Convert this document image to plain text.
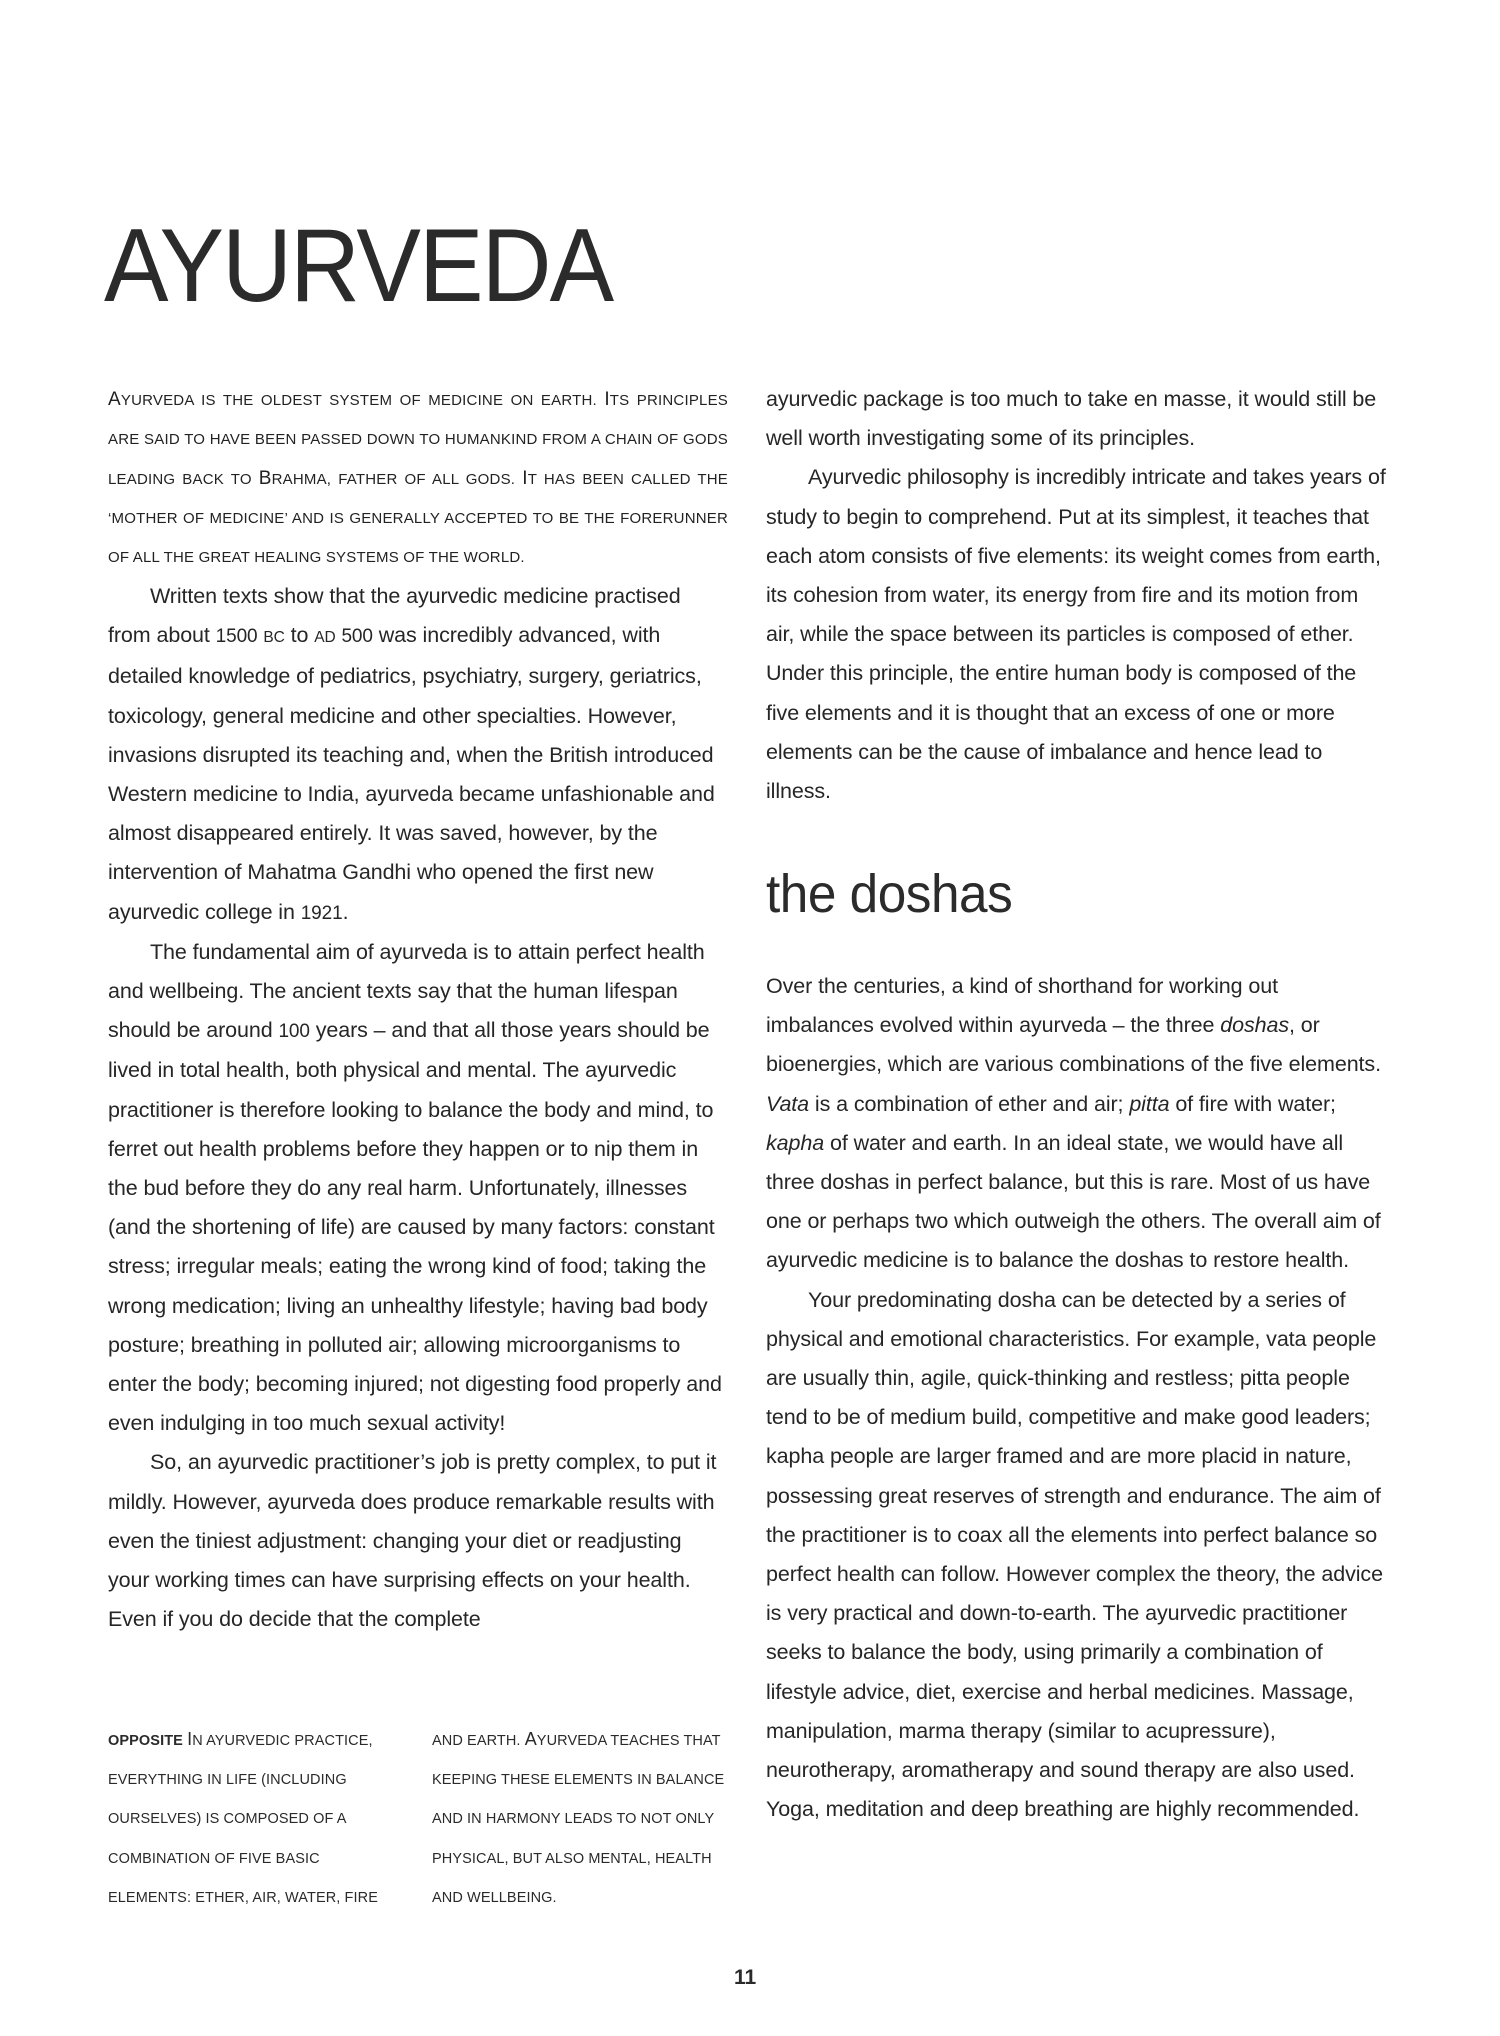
AYURVEDA

AYURVEDA IS THE OLDEST SYSTEM OF MEDICINE ON EARTH. ITS PRINCIPLES ARE SAID TO HAVE BEEN PASSED DOWN TO HUMANKIND FROM A CHAIN OF GODS LEADING BACK TO BRAHMA, FATHER OF ALL GODS. IT HAS BEEN CALLED THE ‘MOTHER OF MEDICINE’ AND IS GENERALLY ACCEPTED TO BE THE FORERUNNER OF ALL THE GREAT HEALING SYSTEMS OF THE WORLD.

Written texts show that the ayurvedic medicine practised from about 1500 BC to AD 500 was incredibly advanced, with detailed knowledge of pediatrics, psychiatry, surgery, geriatrics, toxicology, general medicine and other specialties. However, invasions disrupted its teaching and, when the British introduced Western medicine to India, ayurveda became unfashionable and almost disappeared entirely. It was saved, however, by the intervention of Mahatma Gandhi who opened the first new ayurvedic college in 1921.

The fundamental aim of ayurveda is to attain perfect health and wellbeing. The ancient texts say that the human lifespan should be around 100 years – and that all those years should be lived in total health, both physical and mental. The ayurvedic practitioner is therefore looking to balance the body and mind, to ferret out health problems before they happen or to nip them in the bud before they do any real harm. Unfortunately, illnesses (and the shortening of life) are caused by many factors: constant stress; irregular meals; eating the wrong kind of food; taking the wrong medication; living an unhealthy lifestyle; having bad body posture; breathing in polluted air; allowing microorganisms to enter the body; becoming injured; not digesting food properly and even indulging in too much sexual activity!

So, an ayurvedic practitioner’s job is pretty complex, to put it mildly. However, ayurveda does produce remarkable results with even the tiniest adjustment: changing your diet or readjusting your working times can have surprising effects on your health. Even if you do decide that the complete

ayurvedic package is too much to take en masse, it would still be well worth investigating some of its principles.

Ayurvedic philosophy is incredibly intricate and takes years of study to begin to comprehend. Put at its simplest, it teaches that each atom consists of five elements: its weight comes from earth, its cohesion from water, its energy from fire and its motion from air, while the space between its particles is composed of ether. Under this principle, the entire human body is composed of the five elements and it is thought that an excess of one or more elements can be the cause of imbalance and hence lead to illness.

the doshas

Over the centuries, a kind of shorthand for working out imbalances evolved within ayurveda – the three doshas, or bioenergies, which are various combinations of the five elements. Vata is a combination of ether and air; pitta of fire with water; kapha of water and earth. In an ideal state, we would have all three doshas in perfect balance, but this is rare. Most of us have one or perhaps two which outweigh the others. The overall aim of ayurvedic medicine is to balance the doshas to restore health.

Your predominating dosha can be detected by a series of physical and emotional characteristics. For example, vata people are usually thin, agile, quick-thinking and restless; pitta people tend to be of medium build, competitive and make good leaders; kapha people are larger framed and are more placid in nature, possessing great reserves of strength and endurance. The aim of the practitioner is to coax all the elements into perfect balance so perfect health can follow. However complex the theory, the advice is very practical and down-to-earth. The ayurvedic practitioner seeks to balance the body, using primarily a combination of lifestyle advice, diet, exercise and herbal medicines. Massage, manipulation, marma therapy (similar to acupressure), neurotherapy, aromatherapy and sound therapy are also used. Yoga, meditation and deep breathing are highly recommended.

OPPOSITE IN AYURVEDIC PRACTICE, EVERYTHING IN LIFE (INCLUDING OURSELVES) IS COMPOSED OF A COMBINATION OF FIVE BASIC ELEMENTS: ETHER, AIR, WATER, FIRE

AND EARTH. AYURVEDA TEACHES THAT KEEPING THESE ELEMENTS IN BALANCE AND IN HARMONY LEADS TO NOT ONLY PHYSICAL, BUT ALSO MENTAL, HEALTH AND WELLBEING.

11
